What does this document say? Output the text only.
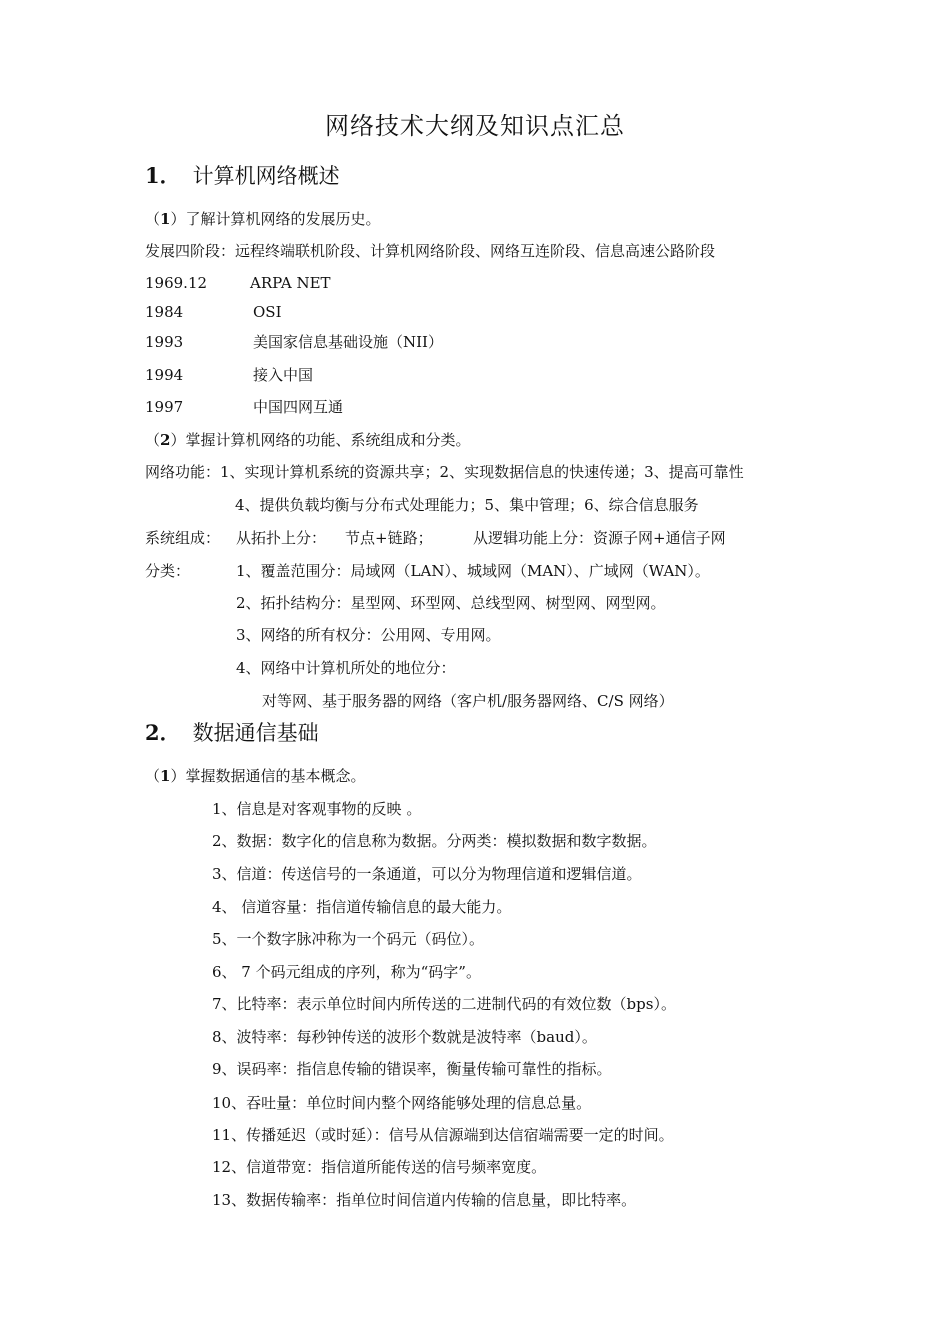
网络技术大纲及知识点汇总
1． 计算机网络概述
（1）了解计算机网络的发展历史。
发展四阶段：远程终端联机阶段、计算机网络阶段、网络互连阶段、信息高速公路阶段
1969.12	ARPA NET
1984	OSI
1993	美国家信息基础设施（NII）
1994	接入中国
1997	中国四网互通
（2）掌握计算机网络的功能、系统组成和分类。
网络功能：1、实现计算机系统的资源共享；2、实现数据信息的快速传递；3、提高可靠性
4、提供负载均衡与分布式处理能力；5、集中管理；6、综合信息服务
系统组成： 从拓扑上分： 节点+链路；	从逻辑功能上分：资源子网+通信子网
分类：	1、覆盖范围分：局域网（LAN）、城域网（MAN）、广域网（WAN）。
2、拓扑结构分：星型网、环型网、总线型网、树型网、网型网。
3、网络的所有权分：公用网、专用网。
4、网络中计算机所处的地位分：
对等网、基于服务器的网络（客户机/服务器网络、C/S 网络）
2． 数据通信基础
（1）掌握数据通信的基本概念。
1、信息是对客观事物的反映 。
2、数据：数字化的信息称为数据。分两类：模拟数据和数字数据。
3、信道：传送信号的一条通道，可以分为物理信道和逻辑信道。
4、 信道容量：指信道传输信息的最大能力。
5、一个数字脉冲称为一个码元（码位）。
6、 7 个码元组成的序列，称为“码字”。
7、比特率：表示单位时间内所传送的二进制代码的有效位数（bps）。
8、波特率：每秒钟传送的波形个数就是波特率（baud）。
9、误码率：指信息传输的错误率，衡量传输可靠性的指标。
10、吞吐量：单位时间内整个网络能够处理的信息总量。
11、传播延迟（或时延）：信号从信源端到达信宿端需要一定的时间。
12、信道带宽：指信道所能传送的信号频率宽度。
13、数据传输率：指单位时间信道内传输的信息量，即比特率。
